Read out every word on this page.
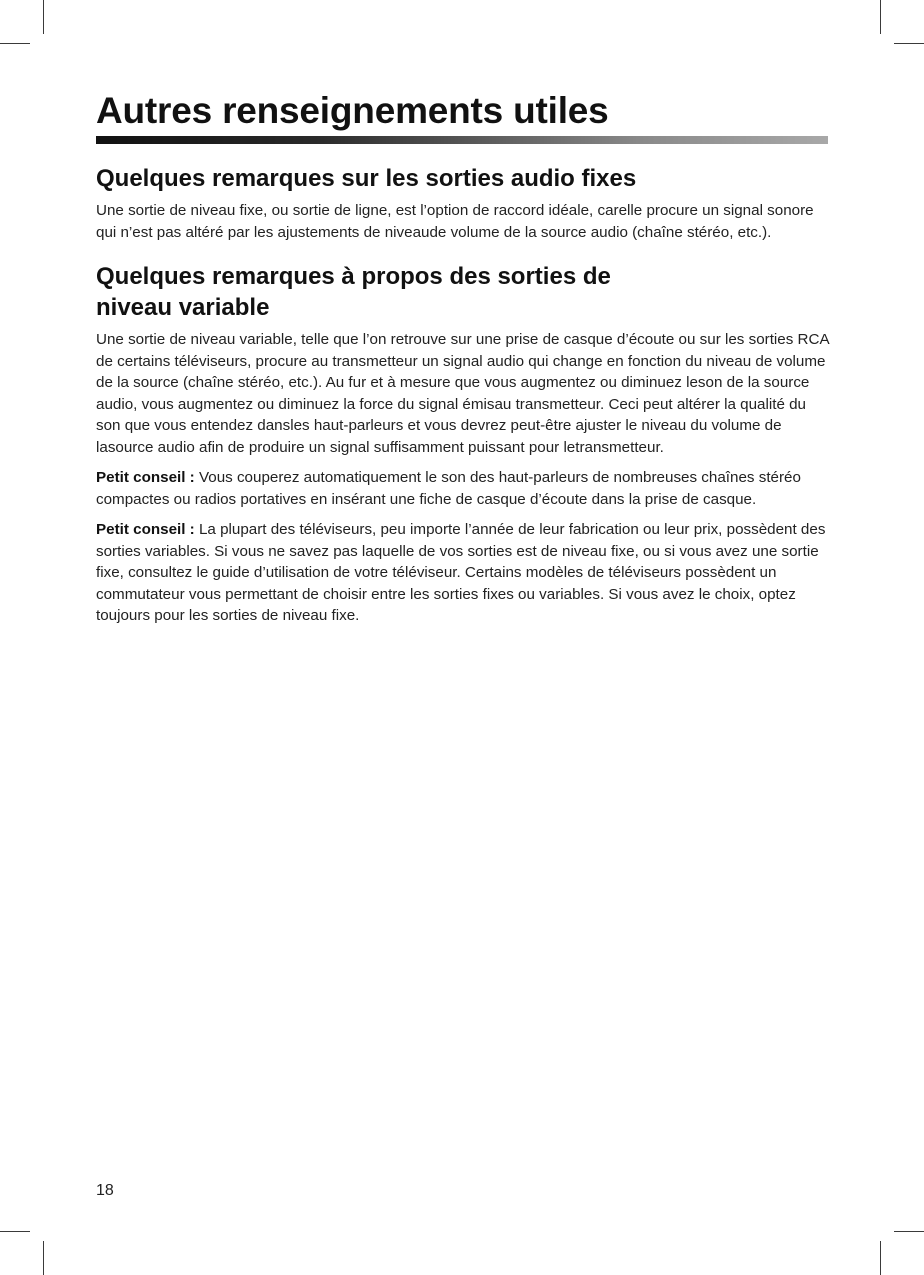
Autres renseignements utiles
Quelques remarques sur les sorties audio fixes

Une sortie de niveau fixe, ou sortie de ligne, est l’option de raccord idéale, carelle procure un signal sonore qui n’est pas altéré par les ajustements de niveaude volume de la source audio (chaîne stéréo, etc.).

Quelques remarques à propos des sorties de
niveau variable

Une sortie de niveau variable, telle que l’on retrouve sur une prise de casque d’écoute ou sur les sorties RCA de certains téléviseurs, procure au transmetteur un signal audio qui change en fonction du niveau de volume de la source (chaîne stéréo, etc.). Au fur et à mesure que vous augmentez ou diminuez leson de la source audio, vous augmentez ou diminuez la force du signal émisau transmetteur. Ceci peut altérer la qualité du son que vous entendez dansles haut-parleurs et vous devrez peut-être ajuster le niveau du volume de lasource audio afin de produire un signal suffisamment puissant pour letransmetteur.

Petit conseil : Vous couperez automatiquement le son des haut-parleurs de nombreuses chaînes stéréo compactes ou radios portatives en insérant une fiche de casque d’écoute dans la prise de casque.

Petit conseil : La plupart des téléviseurs, peu importe l’année de leur fabrication ou leur prix, possèdent des sorties variables. Si vous ne savez pas laquelle de vos sorties est de niveau fixe, ou si vous avez une sortie fixe, consultez le guide d’utilisation de votre téléviseur. Certains modèles de téléviseurs possèdent un commutateur vous permettant de choisir entre les sorties fixes ou variables. Si vous avez le choix, optez toujours pour les sorties de niveau fixe.

18
